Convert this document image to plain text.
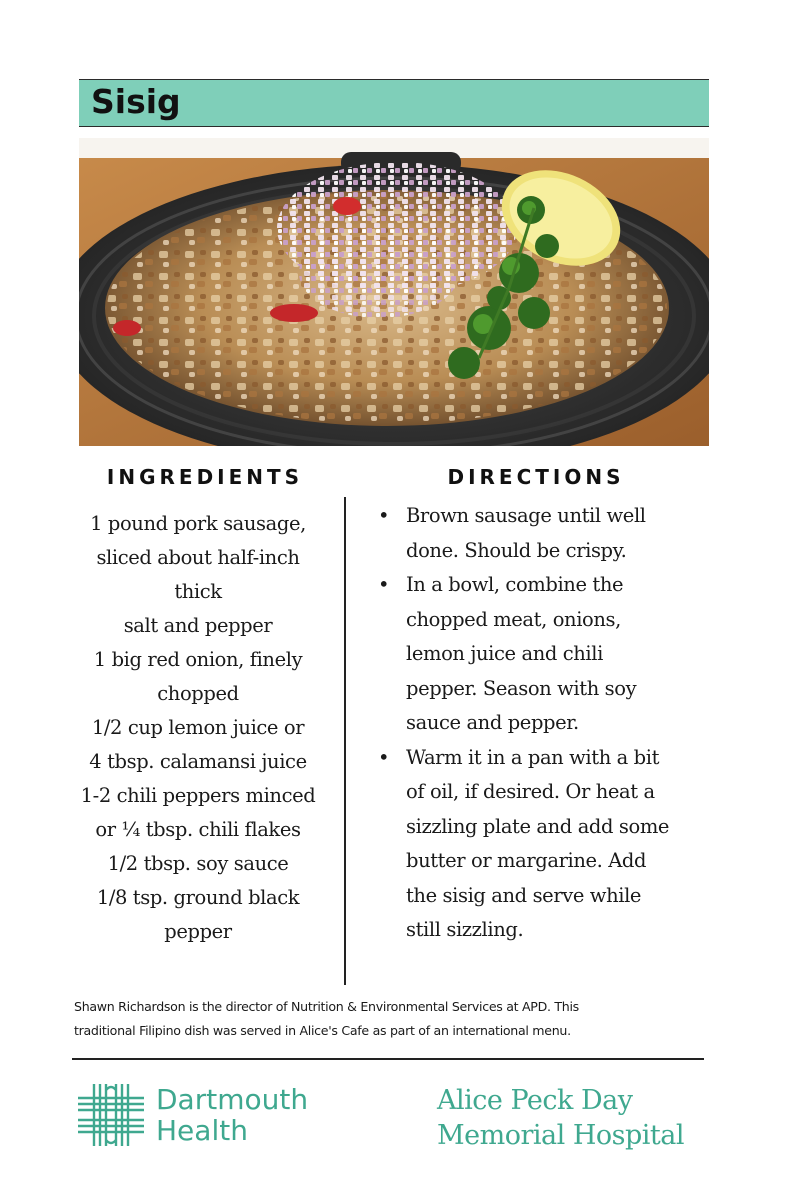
Sisig
INGREDIENTS	DIRECTIONS
1 pound pork sausage,
sliced about half-inch
thick
salt and pepper
1 big red onion, finely
chopped
1/2 cup lemon juice or
4 tbsp. calamansi juice
1-2 chili peppers minced
or ¼ tbsp. chili flakes
1/2 tbsp. soy sauce
1/8 tsp. ground black
pepper
• Brown sausage until well
done. Should be crispy.
• In a bowl, combine the
chopped meat, onions,
lemon juice and chili
pepper. Season with soy
sauce and pepper.
• Warm it in a pan with a bit
of oil, if desired. Or heat a
sizzling plate and add some
butter or margarine. Add
the sisig and serve while
still sizzling.
Shawn Richardson is the director of Nutrition & Environmental Services at APD. This
traditional Filipino dish was served in Alice's Cafe as part of an international menu.
Dartmouth
Health
Alice Peck Day
Memorial Hospital
